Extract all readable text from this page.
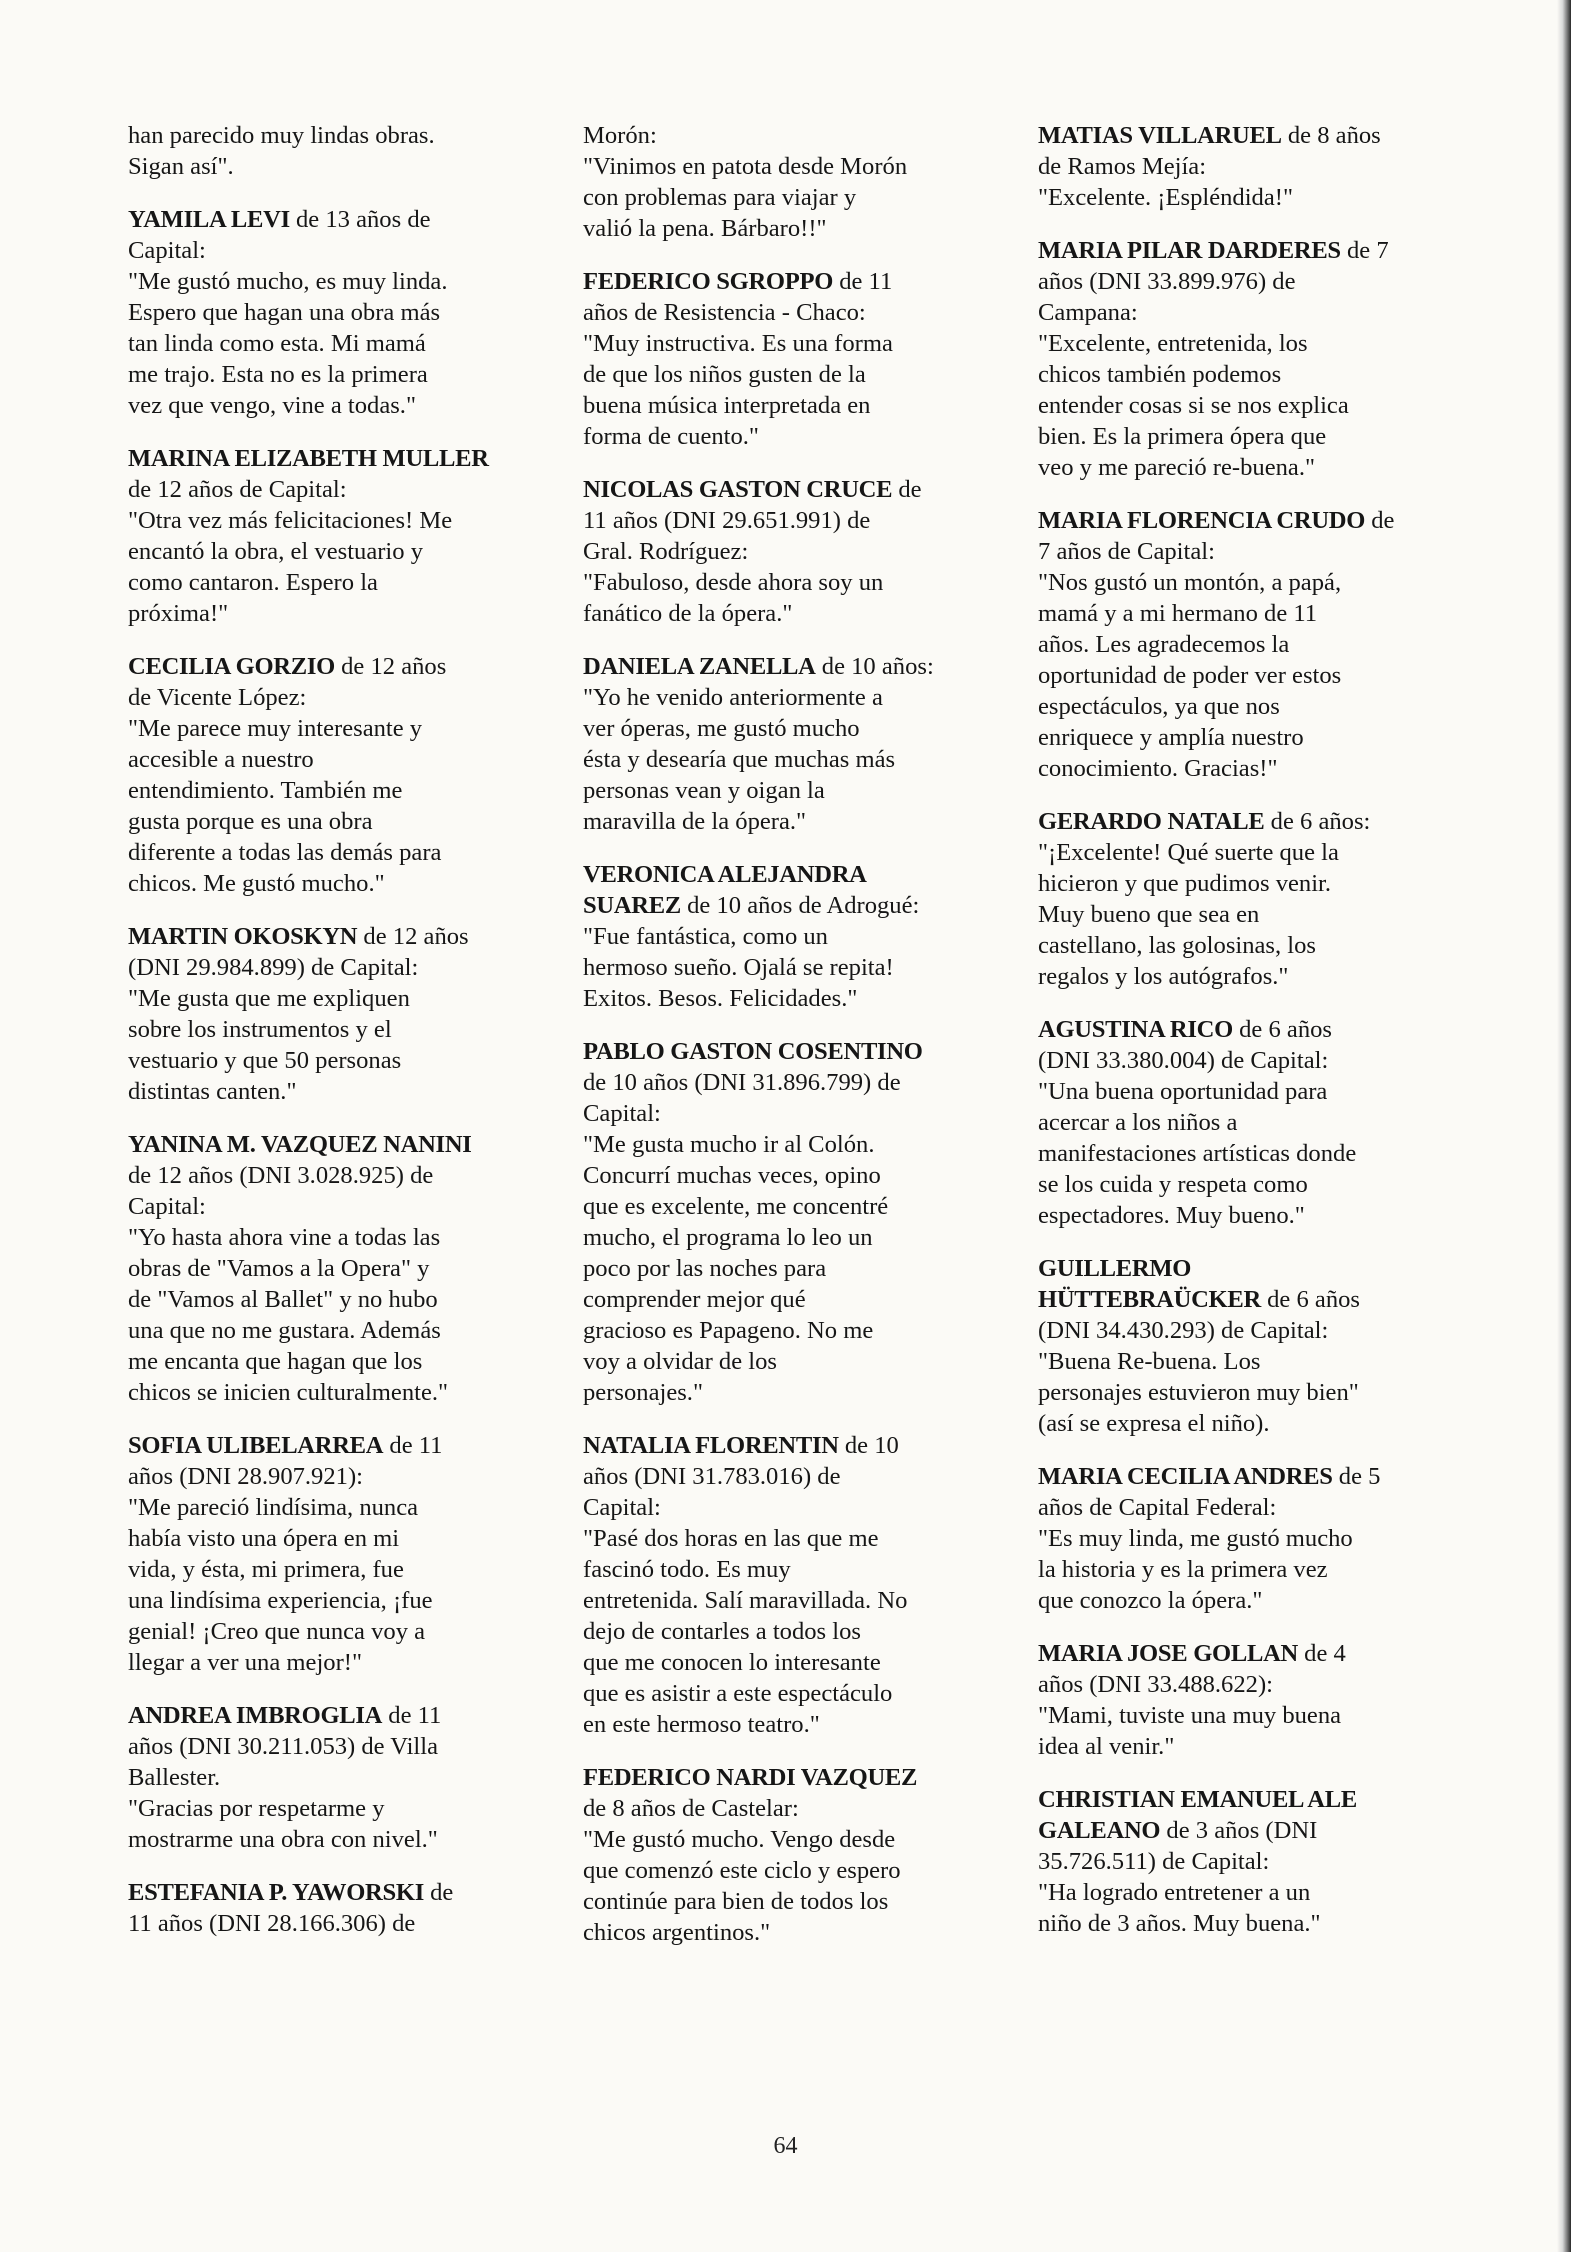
han parecido muy lindas obras.
Sigan así".

YAMILA LEVI de 13 años de
Capital:

"Me gustó mucho, es muy linda.
Espero que hagan una obra más
tan linda como esta. Mi mamá
me trajo. Esta no es la primera
vez que vengo, vine a todas."

MARINA ELIZABETH MULLER
de 12 años de Capital:

"Otra vez más felicitaciones! Me
encantó la obra, el vestuario y
como cantaron. Espero la
próxima!"

CECILIA GORZIO de 12 años
de Vicente López:

"Me parece muy interesante y
accesible a nuestro
entendimiento. También me
gusta porque es una obra
diferente a todas las demás para
chicos. Me gustó mucho."

MARTIN OKOSKYN de 12 años
(DNI 29.984.899) de Capital:

"Me gusta que me expliquen
sobre los instrumentos y el
vestuario y que 50 personas
distintas canten."

YANINA M. VAZQUEZ NANINI
de 12 años (DNI 3.028.925) de
Capital:

"Yo hasta ahora vine a todas las
obras de "Vamos a la Opera" y
de "Vamos al Ballet" y no hubo
una que no me gustara. Además
me encanta que hagan que los
chicos se inicien culturalmente."

SOFIA ULIBELARREA de 11
años (DNI 28.907.921):

"Me pareció lindísima, nunca
había visto una ópera en mi
vida, y ésta, mi primera, fue
una lindísima experiencia, ¡fue
genial! ¡Creo que nunca voy a
llegar a ver una mejor!"

ANDREA IMBROGLIA de 11
años (DNI 30.211.053) de Villa
Ballester.

"Gracias por respetarme y
mostrarme una obra con nivel."

ESTEFANIA P. YAWORSKI de
11 años (DNI 28.166.306) de

Morón:
"Vinimos en patota desde Morón
con problemas para viajar y
valió la pena. Bárbaro!!"

FEDERICO SGROPPO de 11
años de Resistencia - Chaco:

"Muy instructiva. Es una forma
de que los niños gusten de la
buena música interpretada en
forma de cuento."

NICOLAS GASTON CRUCE de
11 años (DNI 29.651.991) de
Gral. Rodríguez:

"Fabuloso, desde ahora soy un
fanático de la ópera."

DANIELA ZANELLA de 10 años:

"Yo he venido anteriormente a
ver óperas, me gustó mucho
ésta y desearía que muchas más
personas vean y oigan la
maravilla de la ópera."

VERONICA ALEJANDRA
SUAREZ de 10 años de Adrogué:

"Fue fantástica, como un
hermoso sueño. Ojalá se repita!
Exitos. Besos. Felicidades."

PABLO GASTON COSENTINO
de 10 años (DNI 31.896.799) de
Capital:

"Me gusta mucho ir al Colón.
Concurrí muchas veces, opino
que es excelente, me concentré
mucho, el programa lo leo un
poco por las noches para
comprender mejor qué
gracioso es Papageno. No me
voy a olvidar de los
personajes."

NATALIA FLORENTIN de 10
años (DNI 31.783.016) de
Capital:

"Pasé dos horas en las que me
fascinó todo. Es muy
entretenida. Salí maravillada. No
dejo de contarles a todos los
que me conocen lo interesante
que es asistir a este espectáculo
en este hermoso teatro."

FEDERICO NARDI VAZQUEZ
de 8 años de Castelar:

"Me gustó mucho. Vengo desde
que comenzó este ciclo y espero
continúe para bien de todos los
chicos argentinos."

MATIAS VILLARUEL de 8 años
de Ramos Mejía:

"Excelente. ¡Espléndida!"

MARIA PILAR DARDERES de 7
años (DNI 33.899.976) de
Campana:

"Excelente, entretenida, los
chicos también podemos
entender cosas si se nos explica
bien. Es la primera ópera que
veo y me pareció re-buena."

MARIA FLORENCIA CRUDO de
7 años de Capital:

"Nos gustó un montón, a papá,
mamá y a mi hermano de 11
años. Les agradecemos la
oportunidad de poder ver estos
espectáculos, ya que nos
enriquece y amplía nuestro
conocimiento. Gracias!"

GERARDO NATALE de 6 años:

"¡Excelente! Qué suerte que la
hicieron y que pudimos venir.
Muy bueno que sea en
castellano, las golosinas, los
regalos y los autógrafos."

AGUSTINA RICO de 6 años
(DNI 33.380.004) de Capital:

"Una buena oportunidad para
acercar a los niños a
manifestaciones artísticas donde
se los cuida y respeta como
espectadores. Muy bueno."

GUILLERMO
HÜTTEBRAÜCKER de 6 años
(DNI 34.430.293) de Capital:

"Buena Re-buena. Los
personajes estuvieron muy bien"
(así se expresa el niño).

MARIA CECILIA ANDRES de 5
años de Capital Federal:

"Es muy linda, me gustó mucho
la historia y es la primera vez
que conozco la ópera."

MARIA JOSE GOLLAN de 4
años (DNI 33.488.622):

"Mami, tuviste una muy buena
idea al venir."

CHRISTIAN EMANUEL ALE
GALEANO de 3 años (DNI
35.726.511) de Capital:

"Ha logrado entretener a un
niño de 3 años. Muy buena."

64
